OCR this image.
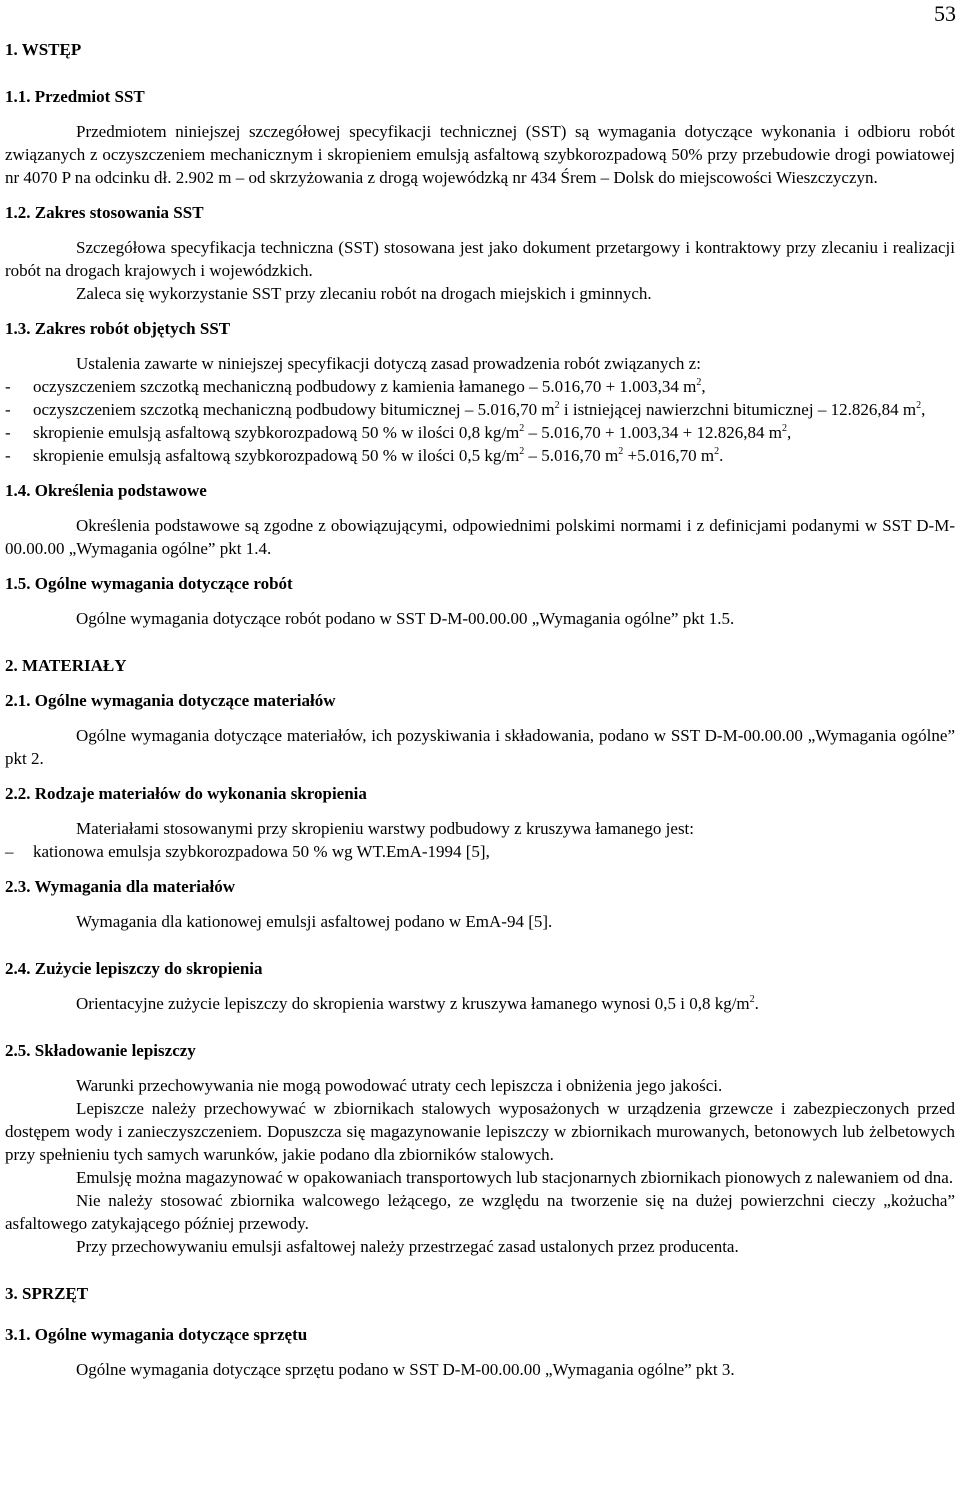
53
1. WSTĘP
1.1. Przedmiot SST

Przedmiotem niniejszej szczegółowej specyfikacji technicznej (SST) są wymagania dotyczące wykonania i odbioru robót związanych z oczyszczeniem mechanicznym i skropieniem emulsją asfaltową szybkorozpadową 50% przy przebudowie drogi powiatowej nr 4070 P na odcinku dł. 2.902 m – od skrzyżowania z drogą wojewódzką nr 434 Śrem – Dolsk do miejscowości Wieszczyczyn.

1.2. Zakres stosowania SST

Szczegółowa specyfikacja techniczna (SST) stosowana jest jako dokument przetargowy i kontraktowy przy zlecaniu i realizacji robót na drogach krajowych i wojewódzkich.

Zaleca się wykorzystanie SST przy zlecaniu robót na drogach miejskich i gminnych.

1.3. Zakres robót objętych SST

Ustalenia zawarte w niniejszej specyfikacji dotyczą zasad prowadzenia robót związanych z:

- oczyszczeniem szczotką mechaniczną podbudowy z kamienia łamanego – 5.016,70 + 1.003,34 $m^2$,
- oczyszczeniem szczotką mechaniczną podbudowy bitumicznej – 5.016,70 $m^2$ i istniejącej nawierzchni bitumicznej – 12.826,84 $m^2$,
- skropienie emulsją asfaltową szybkorozpadową 50 % w ilości 0,8 $kg/m^2 - 5.016,70 + 1.003,34 + 12.826,84$ $m^2$,
- skropienie emulsją asfaltową szybkorozpadową 50 % w ilości 0,5 $kg/m^2 - 5.016,70$ $m^2 +5.016,70$ $m^2$.
1.4. Określenia podstawowe

Określenia podstawowe są zgodne z obowiązującymi, odpowiednimi polskimi normami i z definicjami podanymi w SST D-M-00.00.00 „Wymagania ogólne” pkt 1.4.

1.5. Ogólne wymagania dotyczące robót

Ogólne wymagania dotyczące robót podano w SST D-M-00.00.00 „Wymagania ogólne” pkt 1.5.

2. MATERIAŁY
2.1. Ogólne wymagania dotyczące materiałów

Ogólne wymagania dotyczące materiałów, ich pozyskiwania i składowania, podano w SST D-M-00.00.00 „Wymagania ogólne” pkt 2.

2.2. Rodzaje materiałów do wykonania skropienia

Materiałami stosowanymi przy skropieniu warstwy podbudowy z kruszywa łamanego jest:

– kationowa emulsja szybkorozpadowa 50 % wg WT.EmA-1994 [5],
2.3. Wymagania dla materiałów

Wymagania dla kationowej emulsji asfaltowej podano w EmA-94 [5].

2.4. Zużycie lepiszczy do skropienia

Orientacyjne zużycie lepiszczy do skropienia warstwy z kruszywa łamanego wynosi 0,5 i 0,8 $kg/m^2$.

2.5. Składowanie lepiszczy

Warunki przechowywania nie mogą powodować utraty cech lepiszcza i obniżenia jego jakości.

Lepiszcze należy przechowywać w zbiornikach stalowych wyposażonych w urządzenia grzewcze i zabezpieczonych przed dostępem wody i zanieczyszczeniem. Dopuszcza się magazynowanie lepiszczy w zbiornikach murowanych, betonowych lub żelbetowych przy spełnieniu tych samych warunków, jakie podano dla zbiorników stalowych.

Emulsję można magazynować w opakowaniach transportowych lub stacjonarnych zbiornikach pionowych z nalewaniem od dna.

Nie należy stosować zbiornika walcowego leżącego, ze względu na tworzenie się na dużej powierzchni cieczy „kożucha” asfaltowego zatykającego później przewody.

Przy przechowywaniu emulsji asfaltowej należy przestrzegać zasad ustalonych przez producenta.

3. SPRZĘT
3.1. Ogólne wymagania dotyczące sprzętu

Ogólne wymagania dotyczące sprzętu podano w SST D-M-00.00.00 „Wymagania ogólne” pkt 3.
